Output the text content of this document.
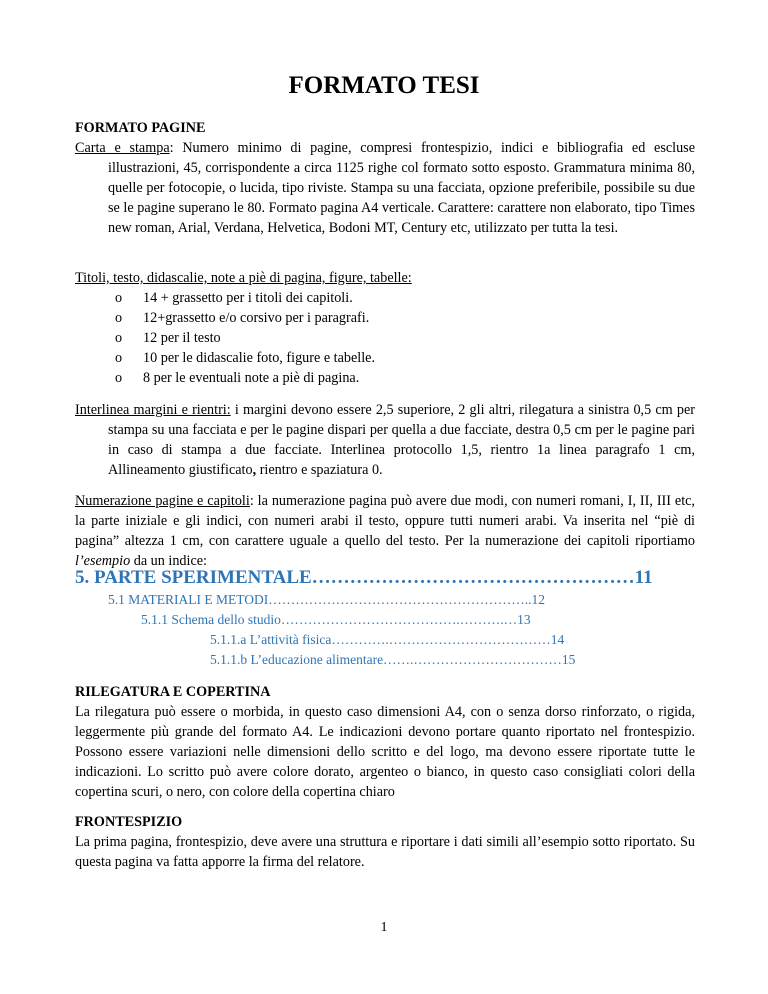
FORMATO TESI

FORMATO PAGINE

Carta e stampa: Numero minimo di pagine, compresi frontespizio, indici e bibliografia ed escluse illustrazioni, 45, corrispondente a circa 1125 righe col formato sotto esposto. Grammatura minima 80, quelle per fotocopie, o lucida, tipo riviste. Stampa su una facciata, opzione preferibile, possibile su due se le pagine superano le 80. Formato pagina A4 verticale. Carattere: carattere non elaborato, tipo Times new roman, Arial, Verdana, Helvetica, Bodoni MT, Century etc, utilizzato per tutta la tesi.

Titoli, testo, didascalie, note a piè di pagina, figure, tabelle:

o 14 + grassetto per i titoli dei capitoli.
o 12+grassetto e/o corsivo per i paragrafi.
o 12 per il testo
o 10 per le didascalie foto, figure e tabelle.
o 8 per le eventuali note a piè di pagina.

Interlinea margini e rientri: i margini devono essere 2,5 superiore, 2 gli altri, rilegatura a sinistra 0,5 cm per stampa su una facciata e per le pagine dispari per quella a due facciate, destra 0,5 cm per le pagine pari in caso di stampa a due facciate. Interlinea protocollo 1,5, rientro 1a linea paragrafo 1 cm, Allineamento giustificato, rientro e spaziatura 0.

Numerazione pagine e capitoli: la numerazione pagina può avere due modi, con numeri romani, I, II, III etc, la parte iniziale e gli indici, con numeri arabi il testo, oppure tutti numeri arabi. Va inserita nel “piè di pagina” altezza 1 cm, con carattere uguale a quello del testo. Per la numerazione dei capitoli riportiamo l’esempio da un indice:

5. PARTE SPERIMENTALE……………………………………………11

5.1 MATERIALI E METODI…………………………………………………..12

5.1.1 Schema dello studio………………………………….……….…13

5.1.1.a L’attività fisica………….………………………………14

5.1.1.b L’educazione alimentare…….……………………………15

RILEGATURA E COPERTINA

La rilegatura può essere o morbida, in questo caso dimensioni A4, con o senza dorso rinforzato, o rigida, leggermente più grande del formato A4. Le indicazioni devono portare quanto riportato nel frontespizio. Possono essere variazioni nelle dimensioni dello scritto e del logo, ma devono essere riportate tutte le indicazioni. Lo scritto può avere colore dorato, argenteo o bianco, in questo caso consigliati colori della copertina scuri, o nero, con colore della copertina chiaro

FRONTESPIZIO

La prima pagina, frontespizio, deve avere una struttura e riportare i dati simili all’esempio sotto riportato. Su questa pagina va fatta apporre la firma del relatore.

1
